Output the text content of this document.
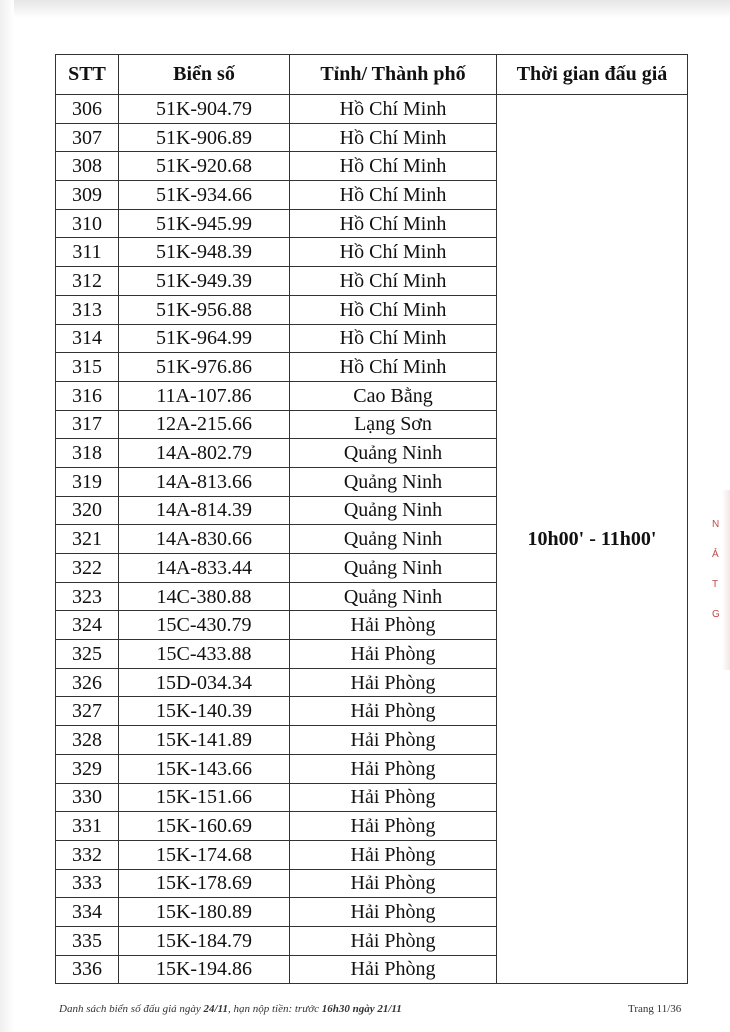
STT	Biển số	Tỉnh/ Thành phố	Thời gian đấu giá
306	51K-904.79	Hồ Chí Minh	10h00' - 11h00'
307	51K-906.89	Hồ Chí Minh	
308	51K-920.68	Hồ Chí Minh	
309	51K-934.66	Hồ Chí Minh	
310	51K-945.99	Hồ Chí Minh	
311	51K-948.39	Hồ Chí Minh	
312	51K-949.39	Hồ Chí Minh	
313	51K-956.88	Hồ Chí Minh	
314	51K-964.99	Hồ Chí Minh	
315	51K-976.86	Hồ Chí Minh	
316	11A-107.86	Cao Bằng	
317	12A-215.66	Lạng Sơn	
318	14A-802.79	Quảng Ninh	
319	14A-813.66	Quảng Ninh	
320	14A-814.39	Quảng Ninh	
321	14A-830.66	Quảng Ninh	
322	14A-833.44	Quảng Ninh	
323	14C-380.88	Quảng Ninh	
324	15C-430.79	Hải Phòng	
325	15C-433.88	Hải Phòng	
326	15D-034.34	Hải Phòng	
327	15K-140.39	Hải Phòng	
328	15K-141.89	Hải Phòng	
329	15K-143.66	Hải Phòng	
330	15K-151.66	Hải Phòng	
331	15K-160.69	Hải Phòng	
332	15K-174.68	Hải Phòng	
333	15K-178.69	Hải Phòng	
334	15K-180.89	Hải Phòng	
335	15K-184.79	Hải Phòng	
336	15K-194.86	Hải Phòng	
Danh sách biển số đấu giá ngày 24/11, hạn nộp tiền: trước 16h30 ngày 21/11	Trang 11/36
N
Ả
T
G
